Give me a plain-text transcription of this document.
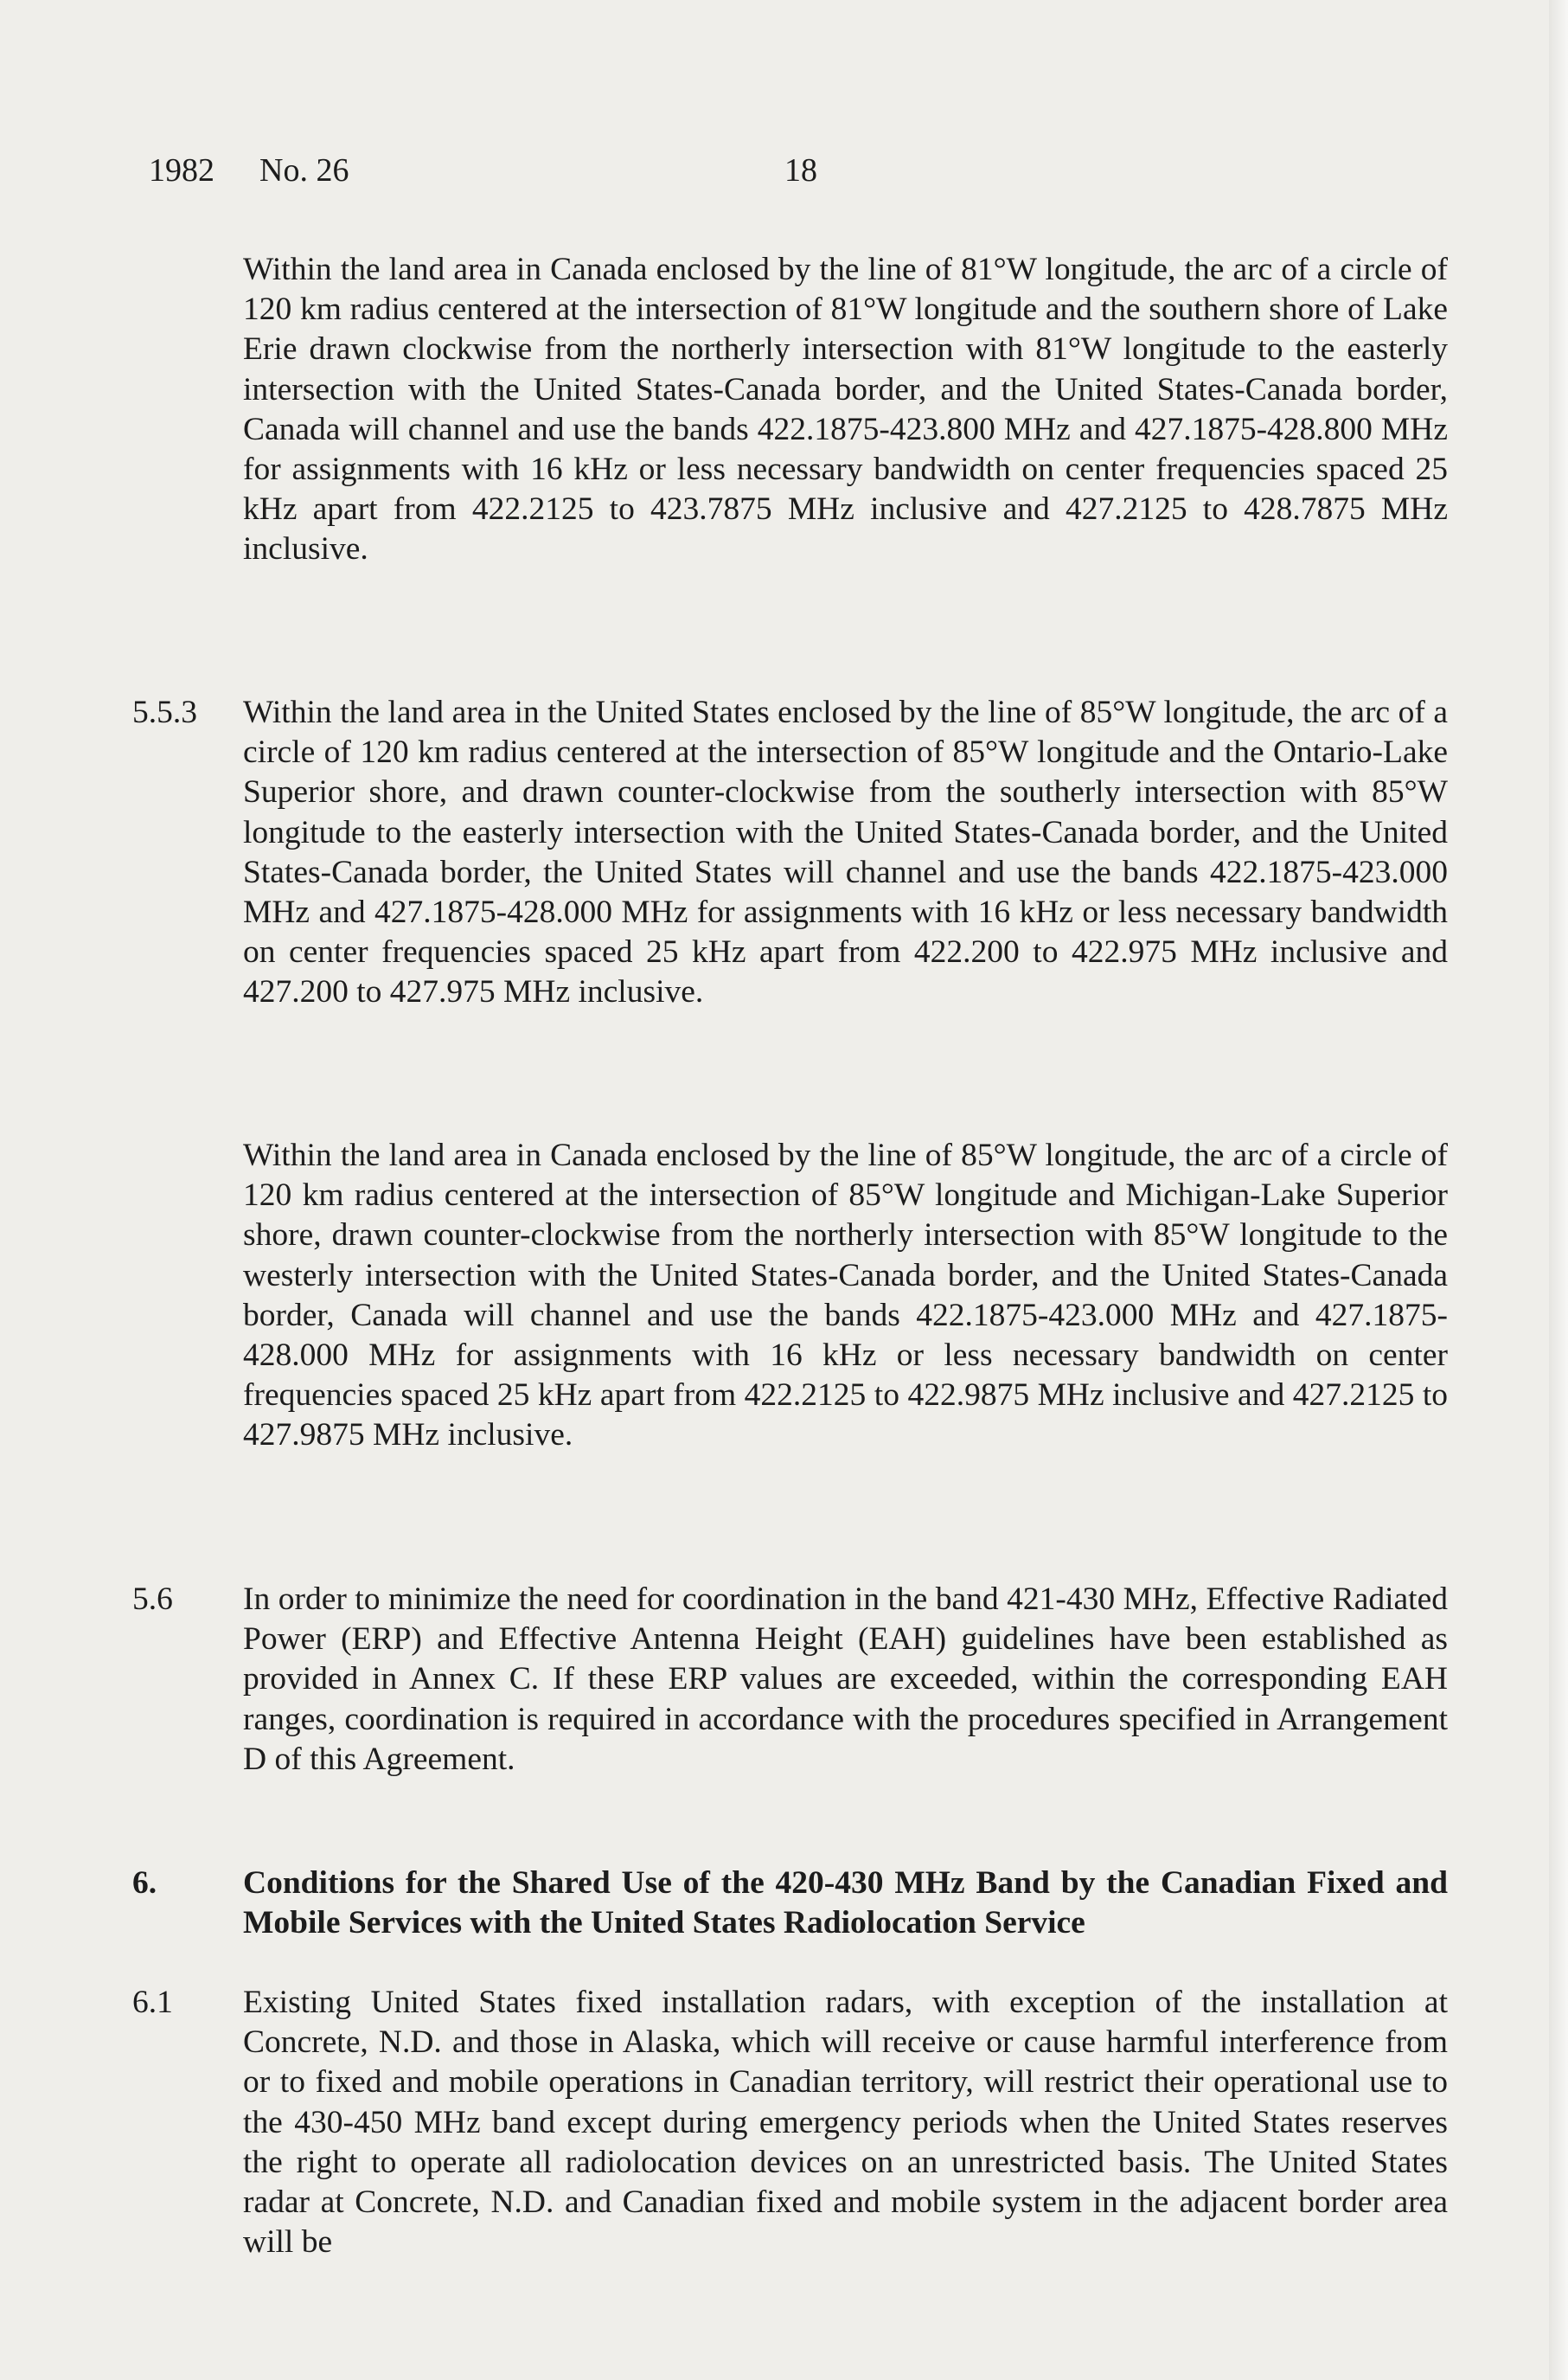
1982 No. 26	18
Within the land area in Canada enclosed by the line of 81°W longitude, the arc of a circle of 120 km radius centered at the intersection of 81°W longitude and the southern shore of Lake Erie drawn clockwise from the northerly intersection with 81°W longitude to the easterly intersection with the United States-Canada border, and the United States-Canada border, Canada will channel and use the bands 422.1875-423.800 MHz and 427.1875-428.800 MHz for assignments with 16 kHz or less necessary bandwidth on center frequencies spaced 25 kHz apart from 422.2125 to 423.7875 MHz inclusive and 427.2125 to 428.7875 MHz inclusive.
5.5.3 Within the land area in the United States enclosed by the line of 85°W longitude, the arc of a circle of 120 km radius centered at the intersection of 85°W longitude and the Ontario-Lake Superior shore, and drawn counter-clockwise from the southerly intersection with 85°W longitude to the easterly intersection with the United States-Canada border, and the United States-Canada border, the United States will channel and use the bands 422.1875-423.000 MHz and 427.1875-428.000 MHz for assignments with 16 kHz or less necessary bandwidth on center frequencies spaced 25 kHz apart from 422.200 to 422.975 MHz inclusive and 427.200 to 427.975 MHz inclusive.
Within the land area in Canada enclosed by the line of 85°W longitude, the arc of a circle of 120 km radius centered at the intersection of 85°W longitude and Michigan-Lake Superior shore, drawn counter-clockwise from the northerly intersection with 85°W longitude to the westerly intersection with the United States-Canada border, and the United States-Canada border, Canada will channel and use the bands 422.1875-423.000 MHz and 427.1875-428.000 MHz for assignments with 16 kHz or less necessary bandwidth on center frequencies spaced 25 kHz apart from 422.2125 to 422.9875 MHz inclusive and 427.2125 to 427.9875 MHz inclusive.
5.6 In order to minimize the need for coordination in the band 421-430 MHz, Effective Radiated Power (ERP) and Effective Antenna Height (EAH) guidelines have been established as provided in Annex C. If these ERP values are exceeded, within the corresponding EAH ranges, coordination is required in accordance with the procedures specified in Arrangement D of this Agreement.
6.	Conditions for the Shared Use of the 420-430 MHz Band by the Canadian Fixed and Mobile Services with the United States Radiolocation Service
6.1 Existing United States fixed installation radars, with exception of the installation at Concrete, N.D. and those in Alaska, which will receive or cause harmful interference from or to fixed and mobile operations in Canadian territory, will restrict their operational use to the 430-450 MHz band except during emergency periods when the United States reserves the right to operate all radiolocation devices on an unrestricted basis. The United States radar at Concrete, N.D. and Canadian fixed and mobile system in the adjacent border area will be
